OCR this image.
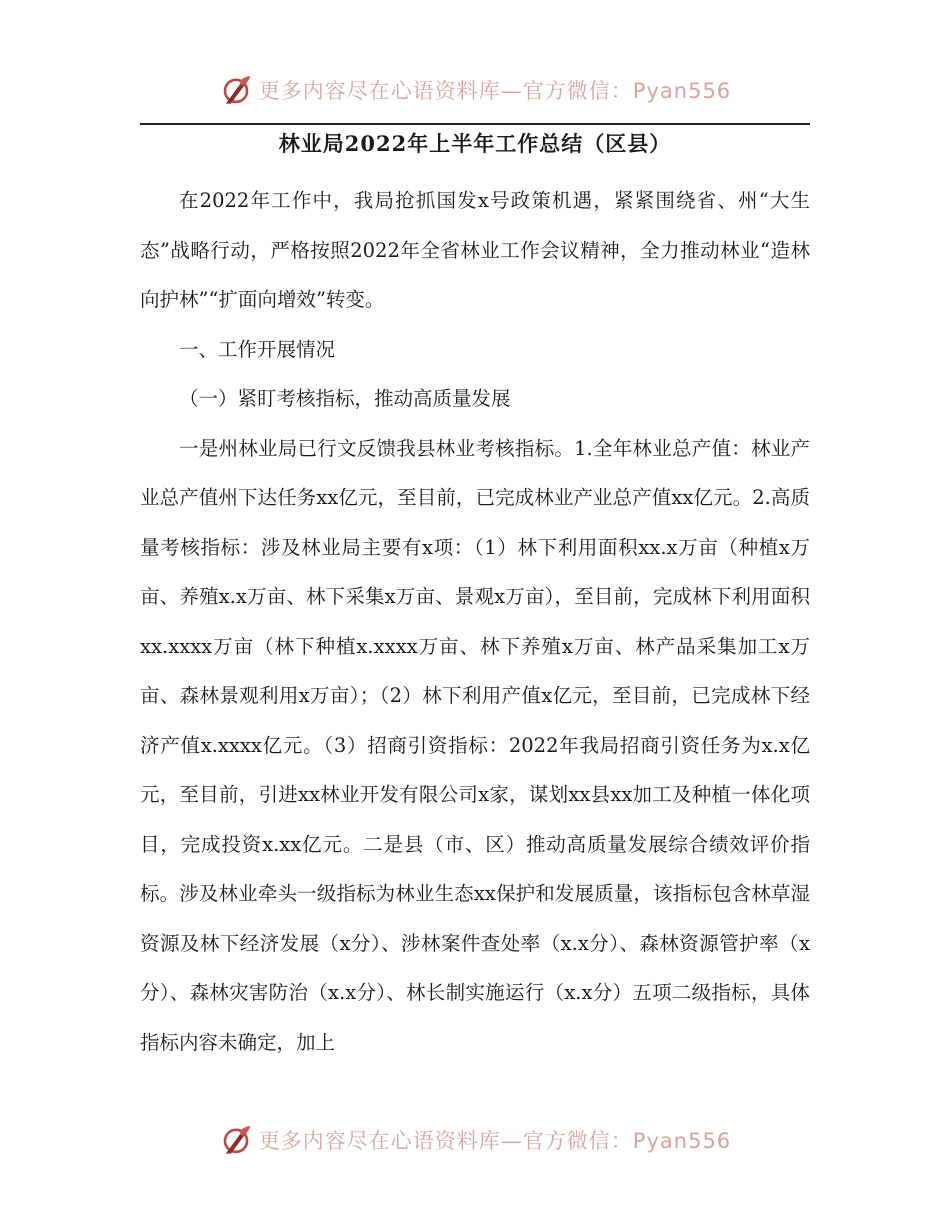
更多内容尽在心语资料库—官方微信：Pyan556
林业局2022年上半年工作总结（区县）

在2022年工作中，我局抢抓国发x号政策机遇，紧紧围绕省、州“大生态”战略行动，严格按照2022年全省林业工作会议精神，全力推动林业“造林向护林”“扩面向增效”转变。

一、工作开展情况

（一）紧盯考核指标，推动高质量发展

一是州林业局已行文反馈我县林业考核指标。1.全年林业总产值：林业产业总产值州下达任务xx亿元，至目前，已完成林业产业总产值xx亿元。2.高质量考核指标：涉及林业局主要有x项：（1）林下利用面积xx.x万亩（种植x万亩、养殖x.x万亩、林下采集x万亩、景观x万亩），至目前，完成林下利用面积xx.xxxx万亩（林下种植x.xxxx万亩、林下养殖x万亩、林产品采集加工x万亩、森林景观利用x万亩）；（2）林下利用产值x亿元，至目前，已完成林下经济产值x.xxxx亿元。（3）招商引资指标：2022年我局招商引资任务为x.x亿元，至目前，引进xx林业开发有限公司x家，谋划xx县xx加工及种植一体化项目，完成投资x.xx亿元。二是县（市、区）推动高质量发展综合绩效评价指标。涉及林业牵头一级指标为林业生态xx保护和发展质量，该指标包含林草湿资源及林下经济发展（x分）、涉林案件查处率（x.x分）、森林资源管护率（x分）、森林灾害防治（x.x分）、林长制实施运行（x.x分）五项二级指标，具体指标内容未确定，加上

更多内容尽在心语资料库—官方微信：Pyan556
